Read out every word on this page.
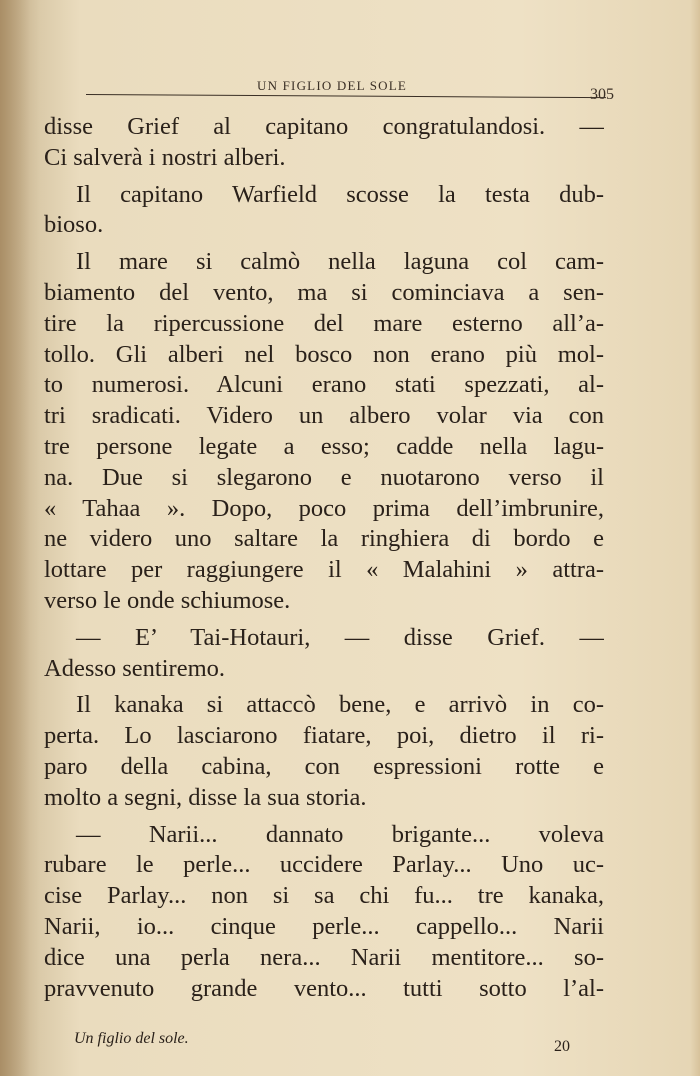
UN FIGLIO DEL SOLE
305
disse Grief al capitano congratulandosi. —
Ci salverà i nostri alberi.
Il capitano Warfield scosse la testa dub-
bioso.
Il mare si calmò nella laguna col cam-
biamento del vento, ma si cominciava a sen-
tire la ripercussione del mare esterno all’a-
tollo. Gli alberi nel bosco non erano più mol-
to numerosi. Alcuni erano stati spezzati, al-
tri sradicati. Videro un albero volar via con
tre persone legate a esso; cadde nella lagu-
na. Due si slegarono e nuotarono verso il
« Tahaa ». Dopo, poco prima dell’imbrunire,
ne videro uno saltare la ringhiera di bordo e
lottare per raggiungere il « Malahini » attra-
verso le onde schiumose.
— E’ Tai-Hotauri, — disse Grief. —
Adesso sentiremo.
Il kanaka si attaccò bene, e arrivò in co-
perta. Lo lasciarono fiatare, poi, dietro il ri-
paro della cabina, con espressioni rotte e
molto a segni, disse la sua storia.
— Narii... dannato brigante... voleva
rubare le perle... uccidere Parlay... Uno uc-
cise Parlay... non si sa chi fu... tre kanaka,
Narii, io... cinque perle... cappello... Narii
dice una perla nera... Narii mentitore... so-
pravvenuto grande vento... tutti sotto l’al-
Un figlio del sole.	20
